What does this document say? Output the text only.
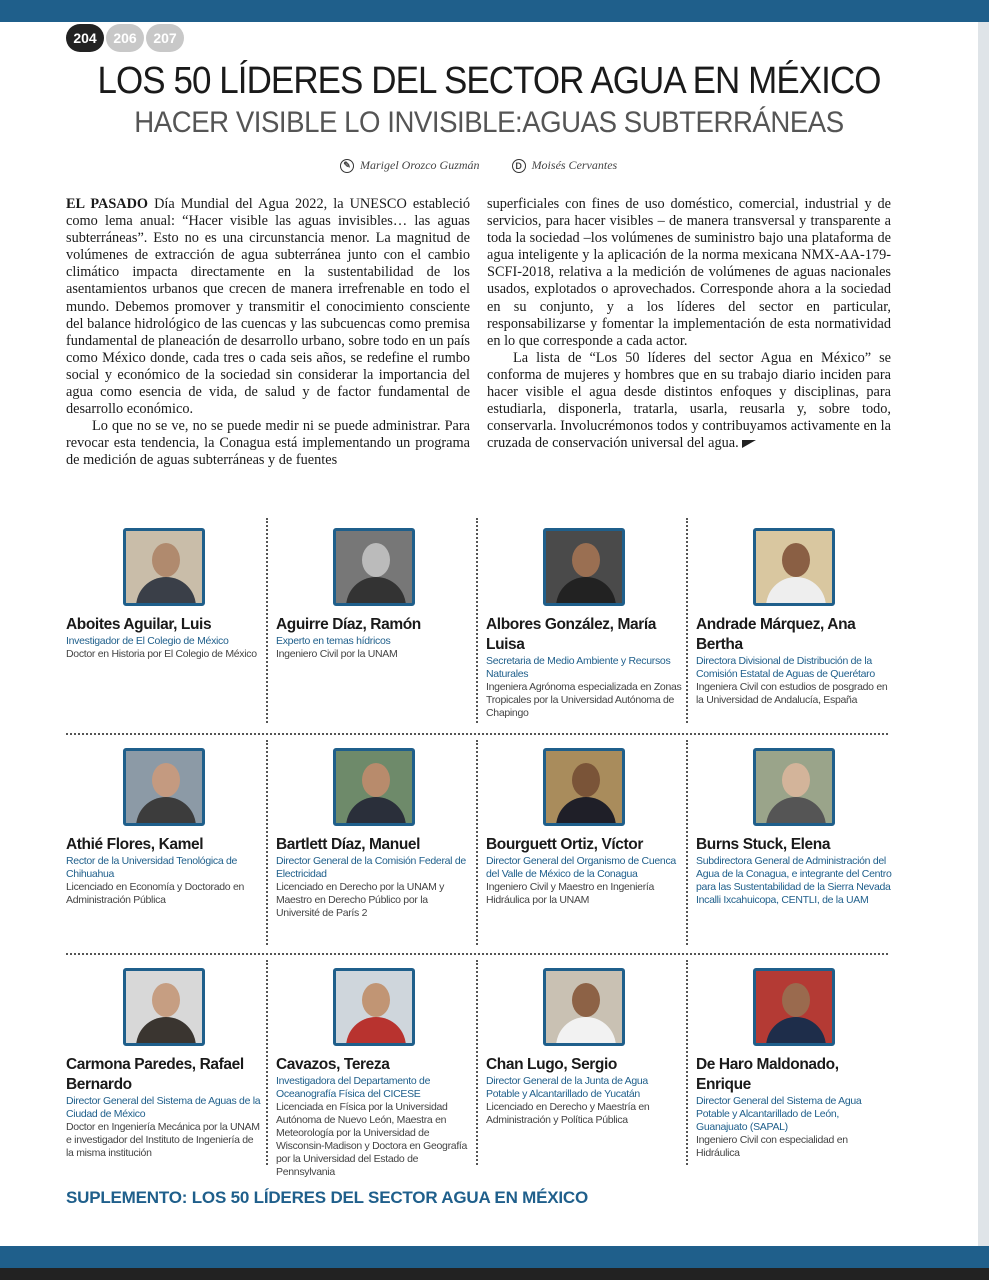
204	206	207
LOS 50 LÍDERES DEL SECTOR AGUA EN MÉXICO
HACER VISIBLE LO INVISIBLE:AGUAS SUBTERRÁNEAS
✎ Marigel Orozco Guzmán	D Moisés Cervantes

EL PASADO Día Mundial del Agua 2022, la UNESCO estableció como lema anual: “Hacer visible las aguas invisibles… las aguas subterráneas”. Esto no es una circunstancia menor. La magnitud de volúmenes de extracción de agua subterránea junto con el cambio climático impacta directamente en la sustentabilidad de los asentamientos urbanos que crecen de manera irrefrenable en todo el mundo. Debemos promover y transmitir el conocimiento consciente del balance hidrológico de las cuencas y las subcuencas como premisa fundamental de planeación de desarrollo urbano, sobre todo en un país como México donde, cada tres o cada seis años, se redefine el rumbo social y económico de la sociedad sin considerar la importancia del agua como esencia de vida, de salud y de factor fundamental de desarrollo económico.

Lo que no se ve, no se puede medir ni se puede administrar. Para revocar esta tendencia, la Conagua está implementando un programa de medición de aguas subterráneas y de fuentes

superficiales con fines de uso doméstico, comercial, industrial y de servicios, para hacer visibles – de manera transversal y transparente a toda la sociedad –los volúmenes de suministro bajo una plataforma de agua inteligente y la aplicación de la norma mexicana NMX-AA-179-SCFI-2018, relativa a la medición de volúmenes de aguas nacionales usados, explotados o aprovechados. Corresponde ahora a la sociedad en su conjunto, y a los líderes del sector en particular, responsabilizarse y fomentar la implementación de esta normatividad en lo que corresponde a cada actor.

La lista de “Los 50 líderes del sector Agua en México” se conforma de mujeres y hombres que en su trabajo diario inciden para hacer visible el agua desde distintos enfoques y disciplinas, para estudiarla, disponerla, tratarla, usarla, reusarla y, sobre todo, conservarla. Involucrémonos todos y contribuyamos activamente en la cruzada de conservación universal del agua.

Aboites Aguilar, Luis
Investigador de El Colegio de México
Doctor en Historia por El Colegio de México
Aguirre Díaz, Ramón
Experto en temas hídricos
Ingeniero Civil por la UNAM
Albores González, María Luisa
Secretaria de Medio Ambiente y Recursos Naturales
Ingeniera Agrónoma especializada en Zonas Tropicales por la Universidad Autónoma de Chapingo
Andrade Márquez, Ana Bertha
Directora Divisional de Distribución de la Comisión Estatal de Aguas de Querétaro
Ingeniera Civil con estudios de posgrado en la Universidad de Andalucía, España
Athié Flores, Kamel
Rector de la Universidad Tenológica de Chihuahua
Licenciado en Economía y Doctorado en Administración Pública
Bartlett Díaz, Manuel
Director General de la Comisión Federal de Electricidad
Licenciado en Derecho por la UNAM y Maestro en Derecho Público por la Université de París 2
Bourguett Ortiz, Víctor
Director General del Organismo de Cuenca del Valle de México de la Conagua
Ingeniero Civil y Maestro en Ingeniería Hidráulica por la UNAM
Burns Stuck, Elena
Subdirectora General de Administración del Agua de la Conagua, e integrante del Centro para las Sustentabilidad de la Sierra Nevada Incalli Ixcahuicopa, CENTLI, de la UAM
Carmona Paredes, Rafael Bernardo
Director General del Sistema de Aguas de la Ciudad de México
Doctor en Ingeniería Mecánica por la UNAM e investigador del Instituto de Ingeniería de la misma institución
Cavazos, Tereza
Investigadora del Departamento de Oceanografía Física del CICESE
Licenciada en Física por la Universidad Autónoma de Nuevo León, Maestra en Meteorología por la Universidad de Wisconsin-Madison y Doctora en Geografía por la Universidad del Estado de Pennsylvania
Chan Lugo, Sergio
Director General de la Junta de Agua Potable y Alcantarillado de Yucatán
Licenciado en Derecho y Maestría en Administración y Política Pública
De Haro Maldonado, Enrique
Director General del Sistema de Agua Potable y Alcantarillado de León, Guanajuato (SAPAL)
Ingeniero Civil con especialidad en Hidráulica
SUPLEMENTO: LOS 50 LÍDERES DEL SECTOR AGUA EN MÉXICO
